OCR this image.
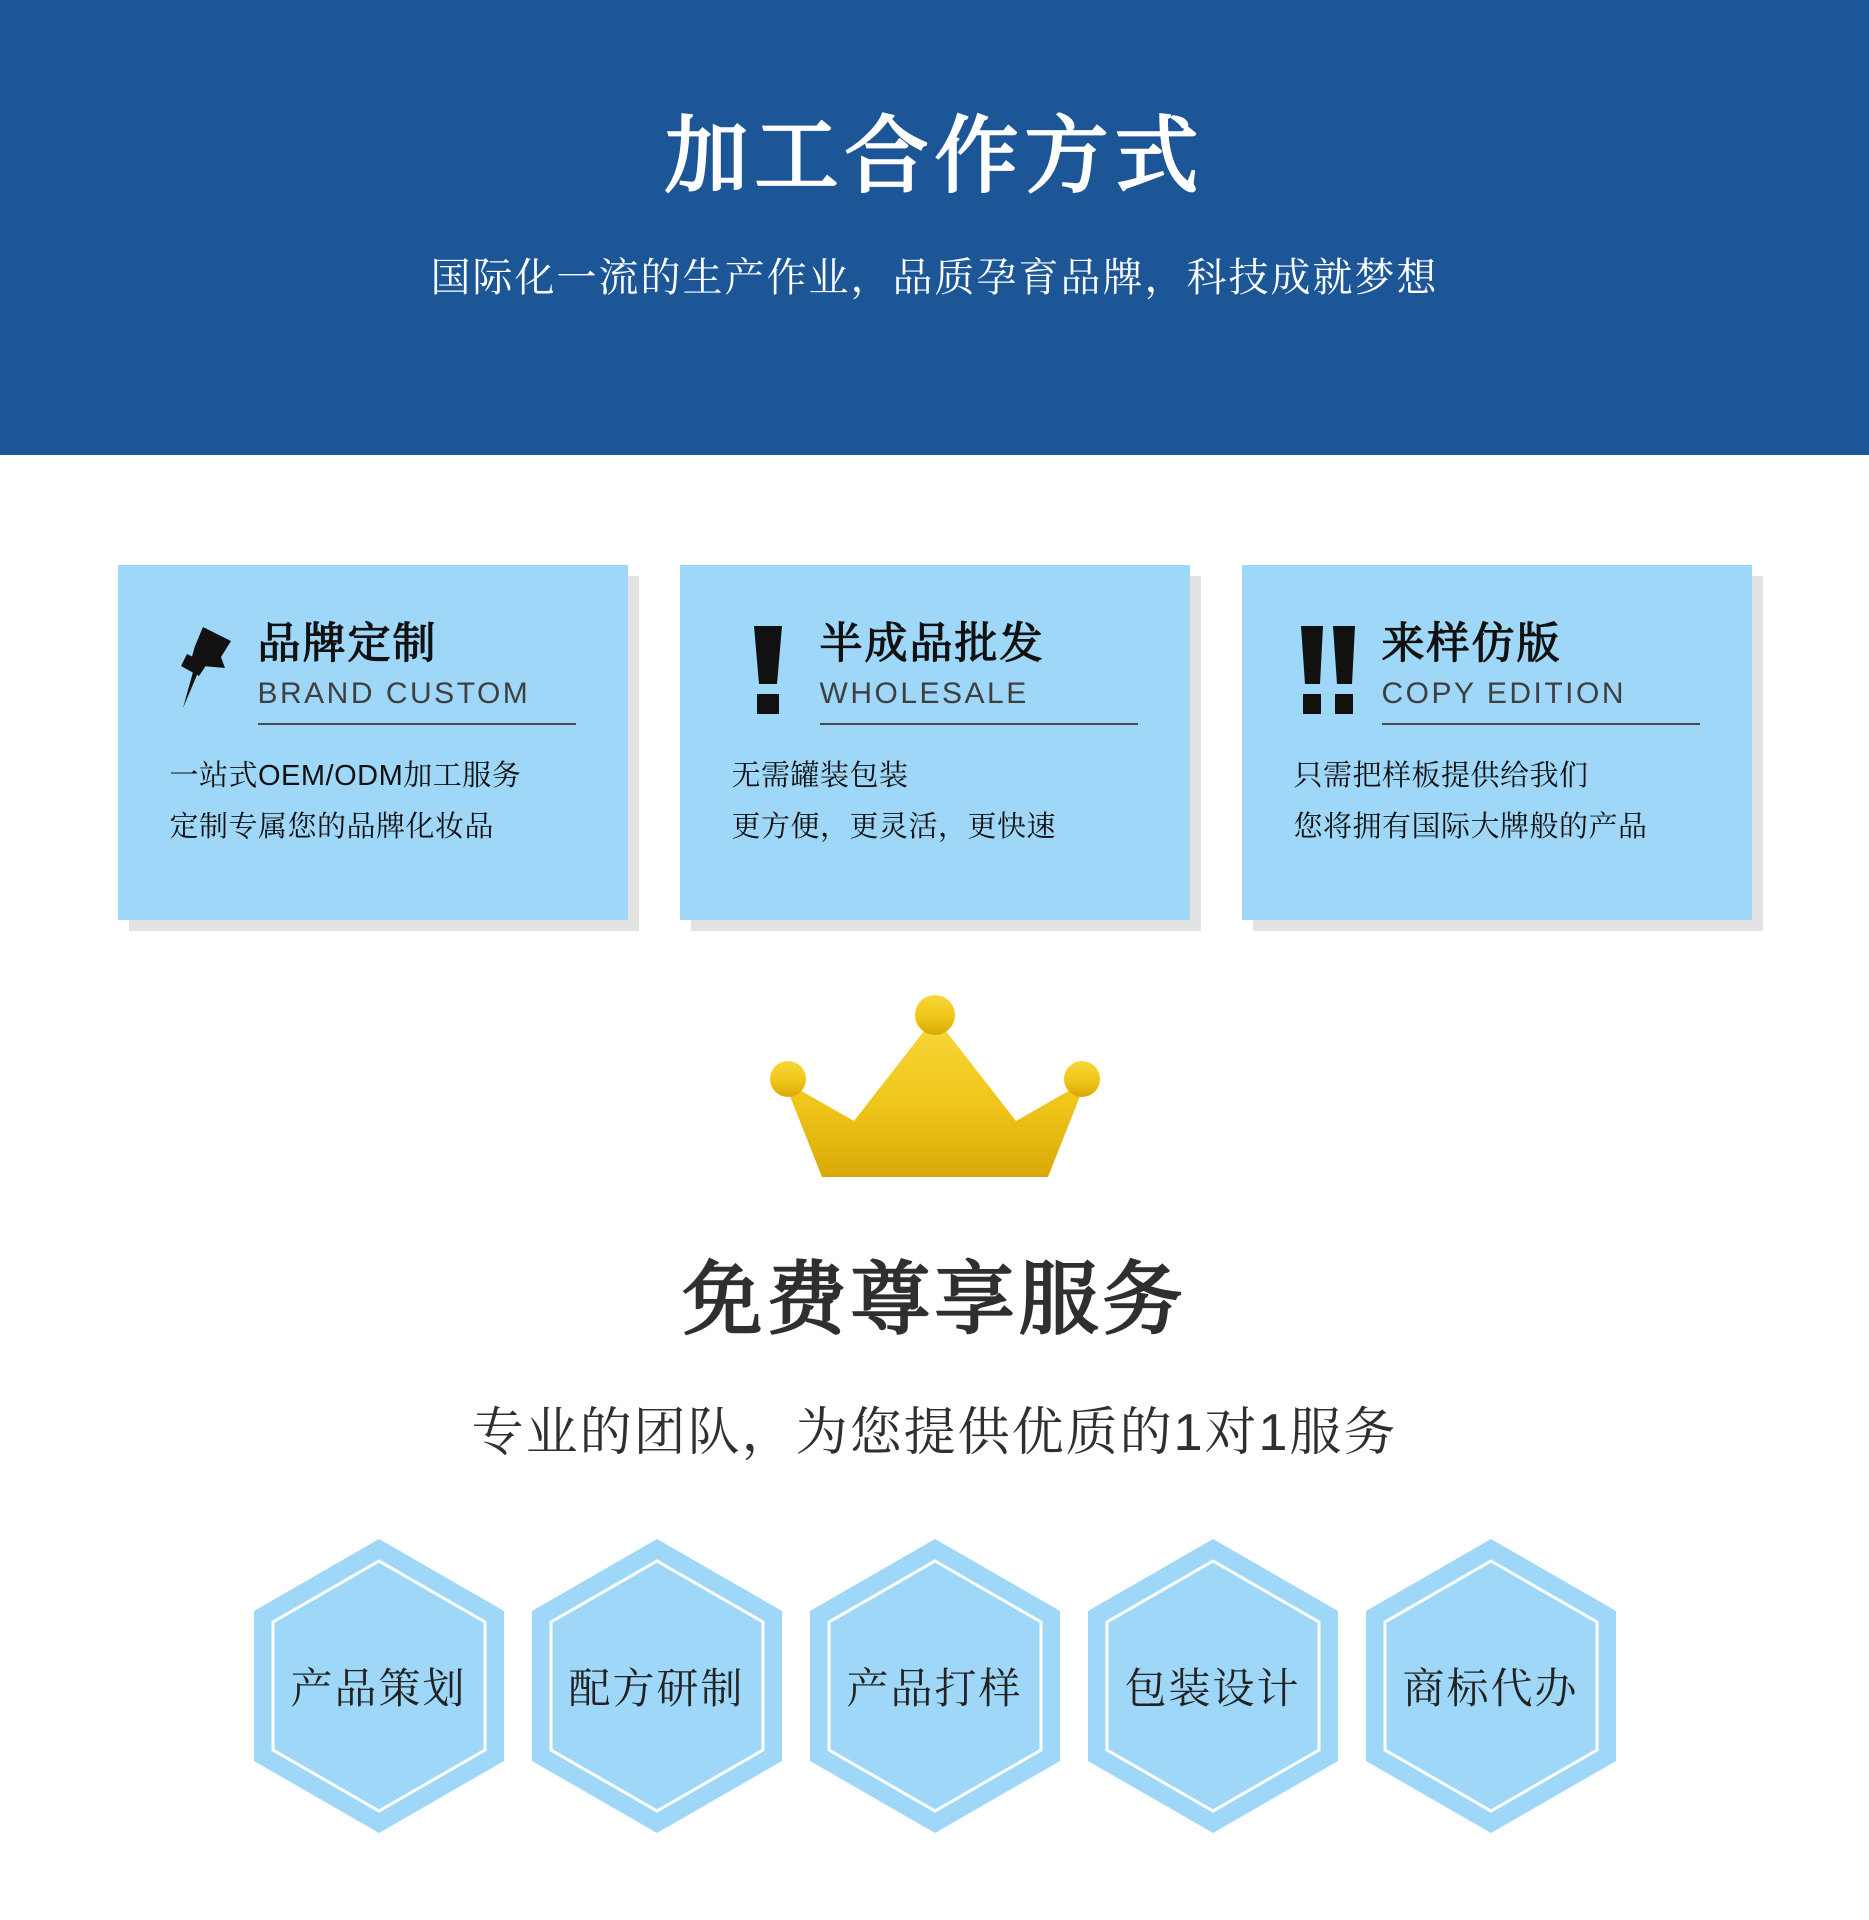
加工合作方式
国际化一流的生产作业，品质孕育品牌，科技成就梦想
品牌定制
BRAND CUSTOM
一站式OEM/ODM加工服务
定制专属您的品牌化妆品
半成品批发
WHOLESALE
无需罐装包装
更方便，更灵活，更快速
来样仿版
COPY EDITION
只需把样板提供给我们
您将拥有国际大牌般的产品
免费尊享服务
专业的团队，为您提供优质的1对1服务
产品策划 配方研制 产品打样 包装设计 商标代办
